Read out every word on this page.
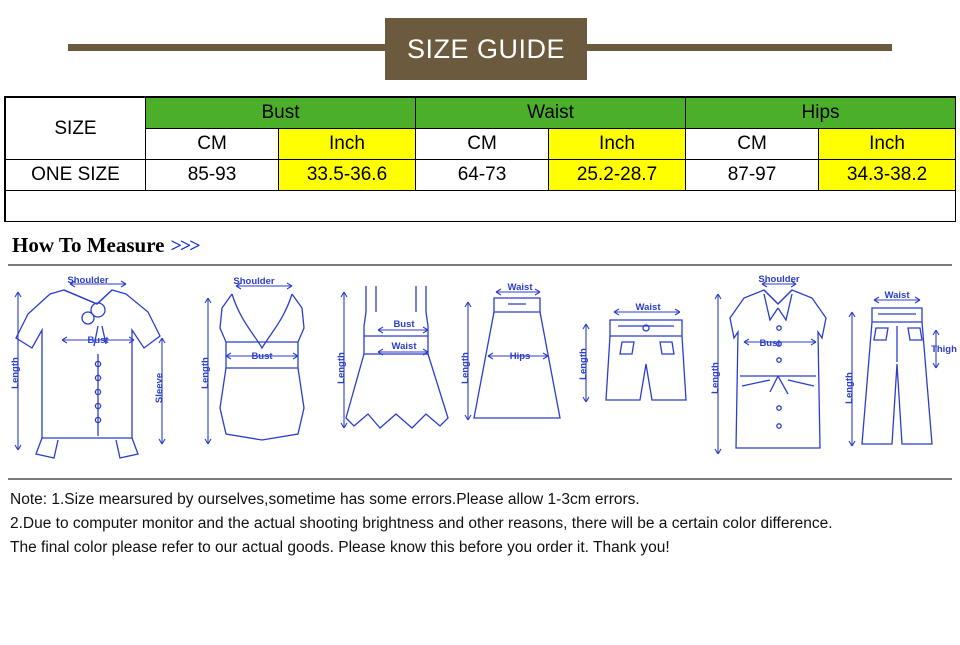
SIZE GUIDE
SIZE	Bust		Waist		Hips	
	CM	Inch	CM	Inch	CM	Inch
ONE SIZE	85-93	33.5-36.6	64-73	25.2-28.7	87-97	34.3-38.2

How To Measure >>>
Shoulder
Bust
Length	Sleeve
Shoulder
Bust
Length
Bust
Waist
Length
Waist
Hips
Length
Waist
Length
Shoulder
Bust
Length
Waist
Thigh
Length
Note: 1.Size mearsured by ourselves,sometime has some errors.Please allow 1-3cm errors.
2.Due to computer monitor and the actual shooting brightness and other reasons, there will be a certain color difference.
The final color please refer to our actual goods. Please know this before you order it. Thank you!
